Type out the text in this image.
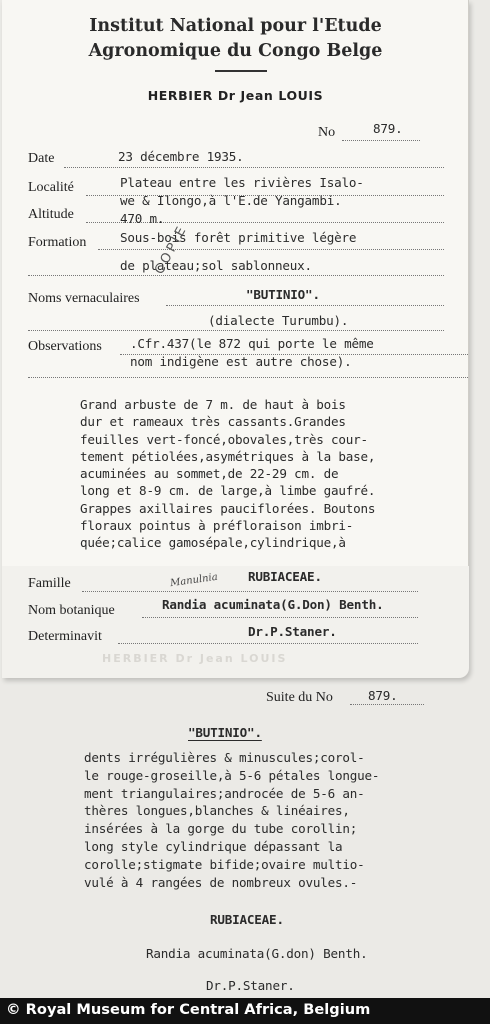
HERBIER Dr Jean LOUIS
Institut National pour l'Etude
Agronomique du Congo Belge
HERBIER Dr Jean LOUIS
No	879.
Date	23 décembre 1935.
Localité	Plateau entre les rivières Isalo-
we & Ilongo,à l'E.de Yangambi.
Altitude	470 m.
Formation	Sous-bois forêt primitive légère
de plateau;sol sablonneux.
Noms vernaculaires	"BUTINIO".
(dialecte Turumbu).
COPIE
Observations .Cfr.437(le 872 qui porte le même
nom indigène est autre chose).
Grand arbuste de 7 m. de haut à bois
dur et rameaux très cassants.Grandes
feuilles vert-foncé,obovales,très cour-
tement pétiolées,asymétriques à la base,
acuminées au sommet,de 22-29 cm. de
long et 8-9 cm. de large,à limbe gaufré.
Grappes axillaires pauciflorées. Boutons
floraux pointus à préfloraison imbri-
quée;calice gamosépale,cylindrique,à
Famille	RUBIACEAE.
Manulnia
Nom botanique	Randia acuminata(G.Don) Benth.
Determinavit	Dr.P.Staner.
Suite du No	879.
"BUTINIO".
dents irrégulières & minuscules;corol-
le rouge-groseille,à 5-6 pétales longue-
ment triangulaires;androcée de 5-6 an-
thères longues,blanches & linéaires,
insérées à la gorge du tube corollin;
long style cylindrique dépassant la
corolle;stigmate bifide;ovaire multio-
vulé à 4 rangées de nombreux ovules.-
RUBIACEAE.
Randia acuminata(G.don) Benth.
Dr.P.Staner.
© Royal Museum for Central Africa, Belgium
